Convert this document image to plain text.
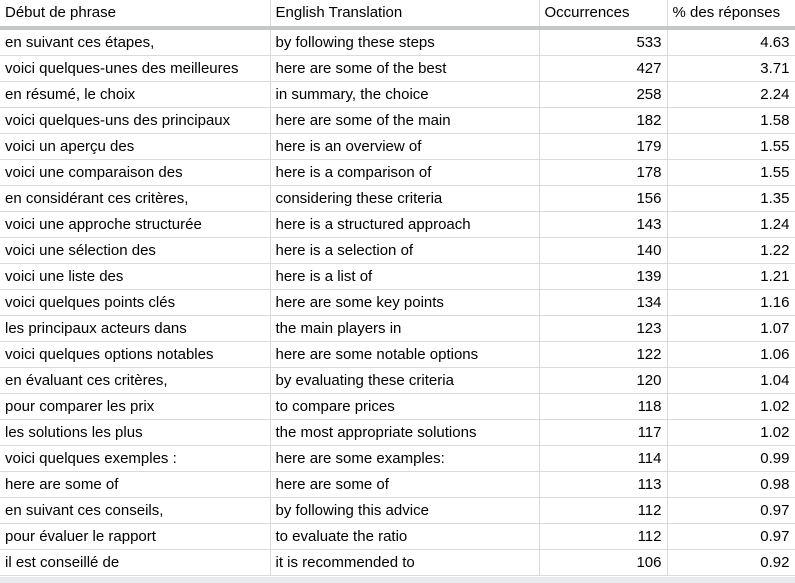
Début de phrase	English Translation	Occurrences	% des réponses
en suivant ces étapes,	by following these steps	533	4.63
voici quelques-unes des meilleures	here are some of the best	427	3.71
en résumé, le choix	in summary, the choice	258	2.24
voici quelques-uns des principaux	here are some of the main	182	1.58
voici un aperçu des	here is an overview of	179	1.55
voici une comparaison des	here is a comparison of	178	1.55
en considérant ces critères,	considering these criteria	156	1.35
voici une approche structurée	here is a structured approach	143	1.24
voici une sélection des	here is a selection of	140	1.22
voici une liste des	here is a list of	139	1.21
voici quelques points clés	here are some key points	134	1.16
les principaux acteurs dans	the main players in	123	1.07
voici quelques options notables	here are some notable options	122	1.06
en évaluant ces critères,	by evaluating these criteria	120	1.04
pour comparer les prix	to compare prices	118	1.02
les solutions les plus	the most appropriate solutions	117	1.02
voici quelques exemples :	here are some examples:	114	0.99
here are some of	here are some of	113	0.98
en suivant ces conseils,	by following this advice	112	0.97
pour évaluer le rapport	to evaluate the ratio	112	0.97
il est conseillé de	it is recommended to	106	0.92
